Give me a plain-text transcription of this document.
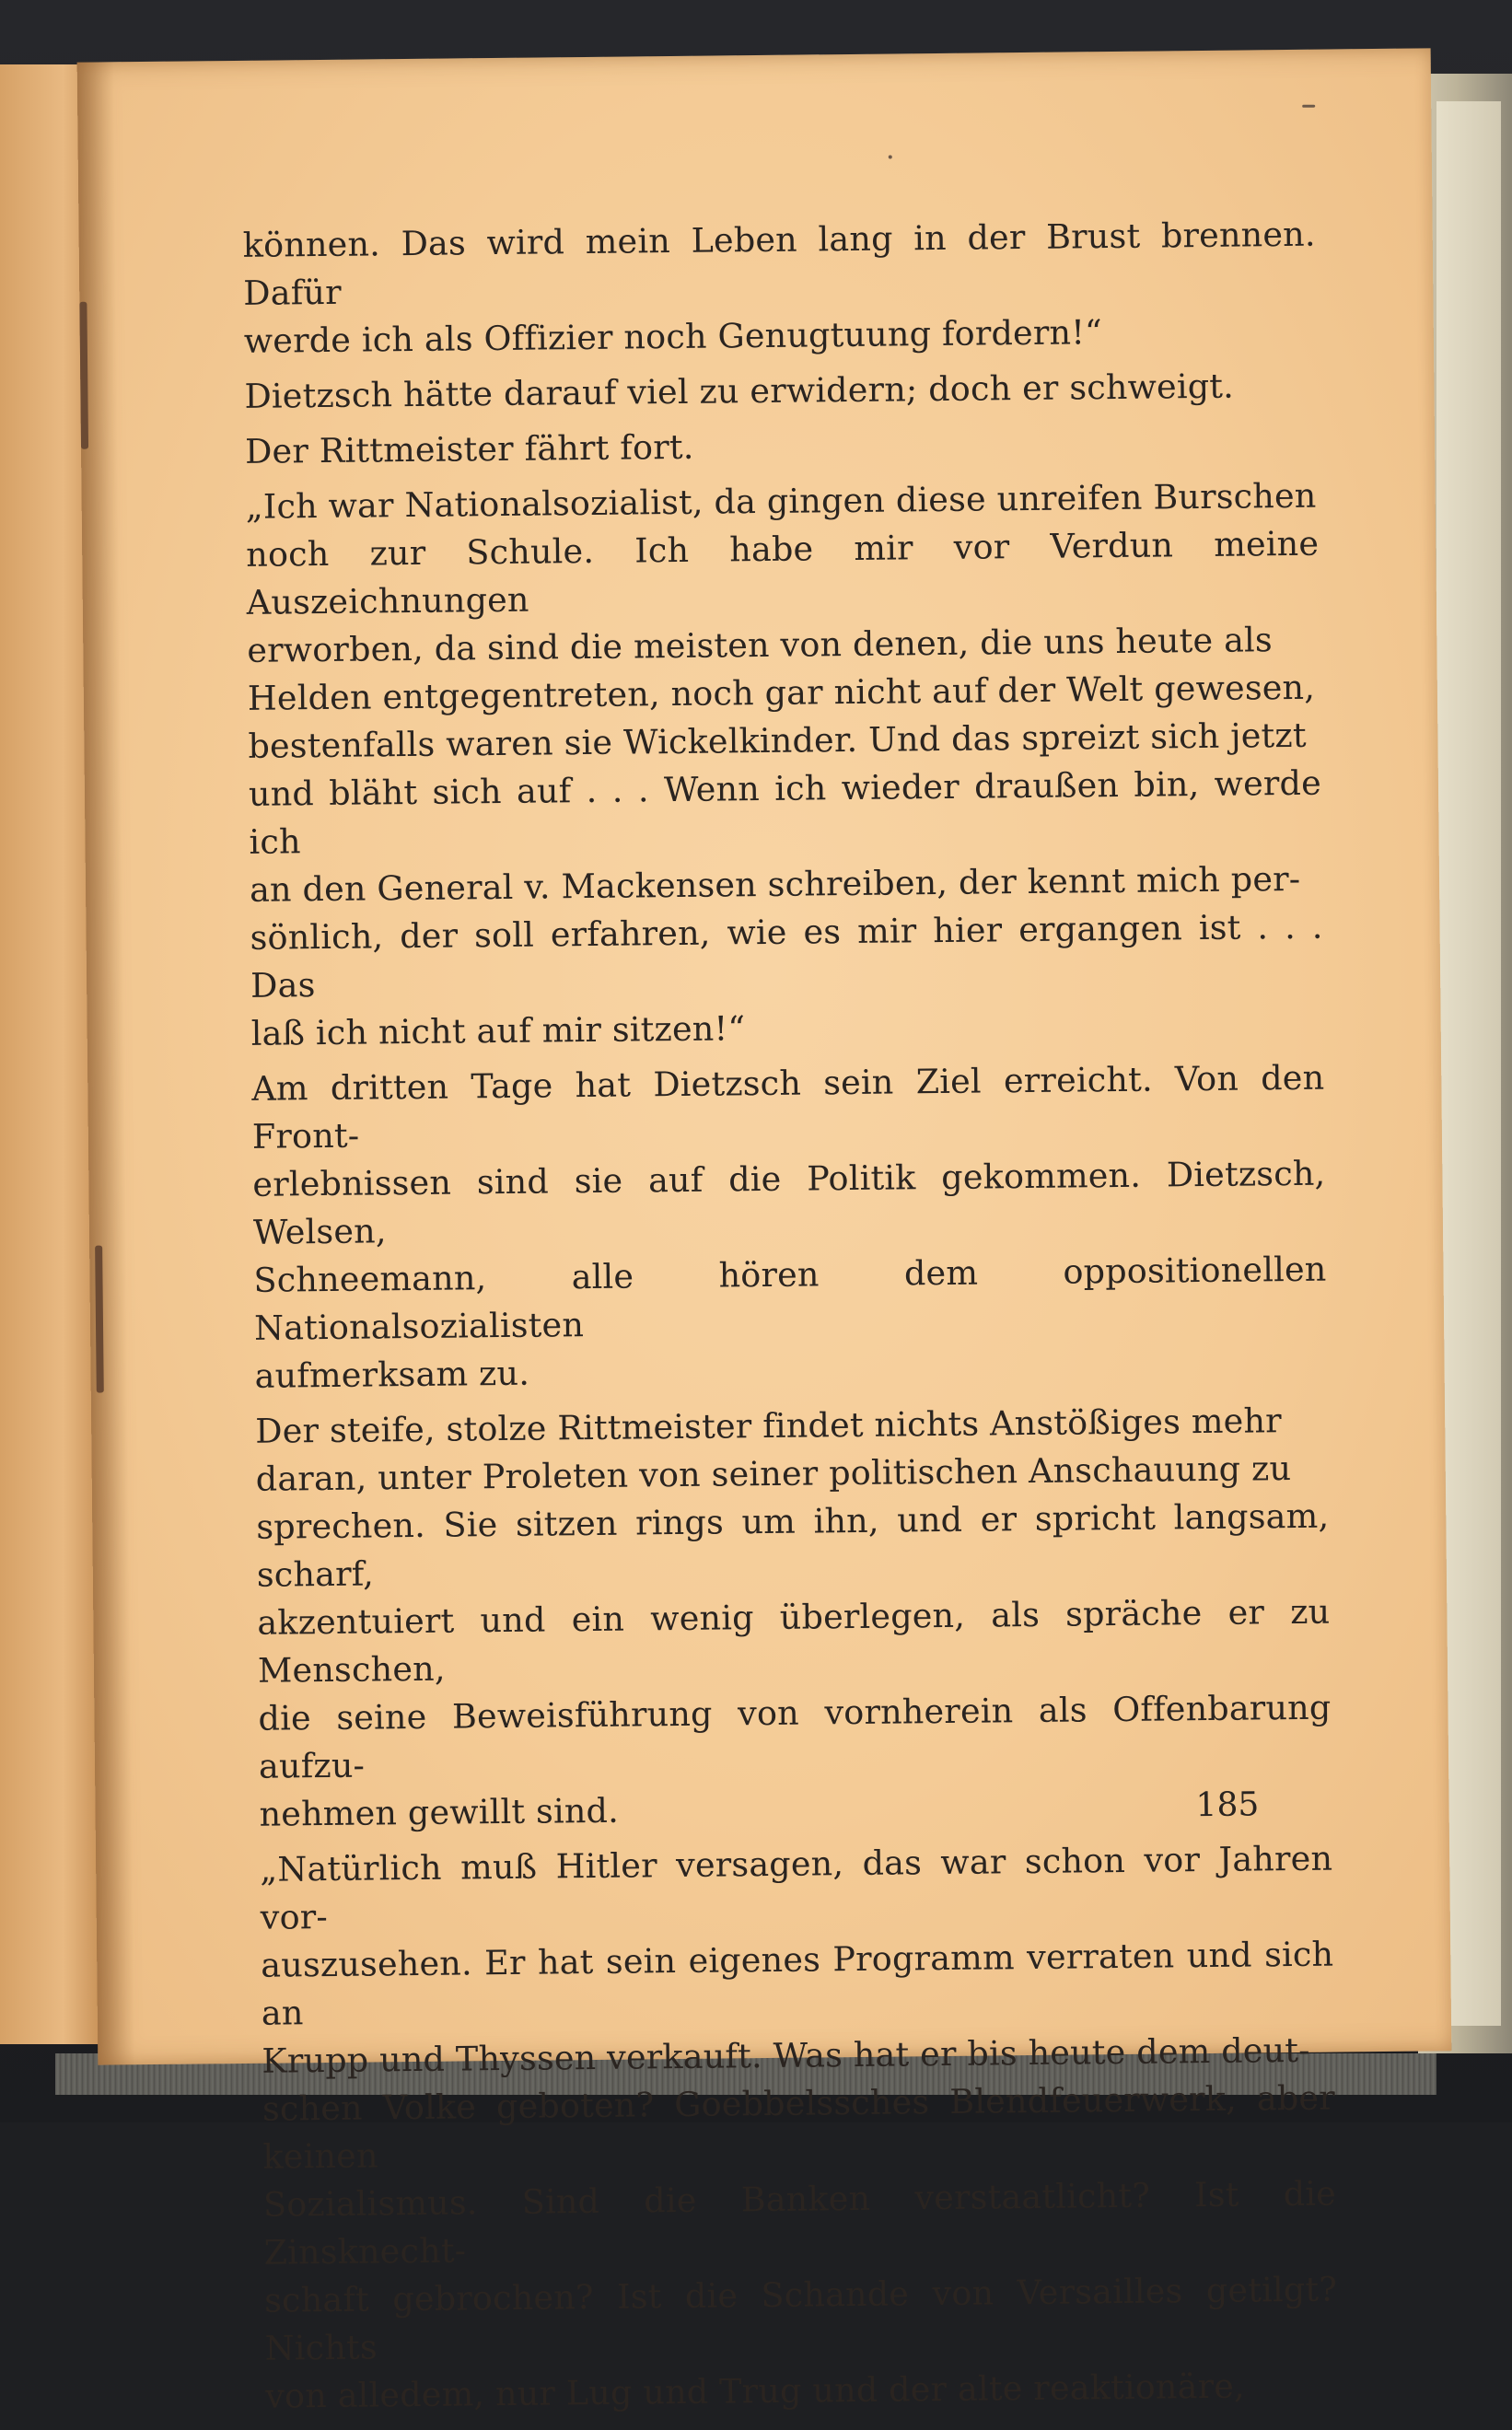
können. Das wird mein Leben lang in der Brust brennen. Dafür
werde ich als Offizier noch Genugtuung fordern!“

Dietzsch hätte darauf viel zu erwidern; doch er schweigt.

Der Rittmeister fährt fort.

„Ich war Nationalsozialist, da gingen diese unreifen Burschen
noch zur Schule. Ich habe mir vor Verdun meine Auszeichnungen
erworben, da sind die meisten von denen, die uns heute als
Helden entgegentreten, noch gar nicht auf der Welt gewesen,
bestenfalls waren sie Wickelkinder. Und das spreizt sich jetzt
und bläht sich auf . . . Wenn ich wieder draußen bin, werde ich
an den General v. Mackensen schreiben, der kennt mich per-
sönlich, der soll erfahren, wie es mir hier ergangen ist . . . Das
laß ich nicht auf mir sitzen!“

Am dritten Tage hat Dietzsch sein Ziel erreicht. Von den Front-
erlebnissen sind sie auf die Politik gekommen. Dietzsch, Welsen,
Schneemann, alle hören dem oppositionellen Nationalsozialisten
aufmerksam zu.

Der steife, stolze Rittmeister findet nichts Anstößiges mehr
daran, unter Proleten von seiner politischen Anschauung zu
sprechen. Sie sitzen rings um ihn, und er spricht langsam, scharf,
akzentuiert und ein wenig überlegen, als spräche er zu Menschen,
die seine Beweisführung von vornherein als Offenbarung aufzu-
nehmen gewillt sind.

„Natürlich muß Hitler versagen, das war schon vor Jahren vor-
auszusehen. Er hat sein eigenes Programm verraten und sich an
Krupp und Thyssen verkauft. Was hat er bis heute dem deut-
schen Volke geboten? Goebbelssches Blendfeuerwerk, aber keinen
Sozialismus. Sind die Banken verstaatlicht? Ist die Zinsknecht-
schaft gebrochen? Ist die Schande von Versailles getilgt? Nichts
von alledem, nur Lug und Trug und der alte reaktionäre,

185
